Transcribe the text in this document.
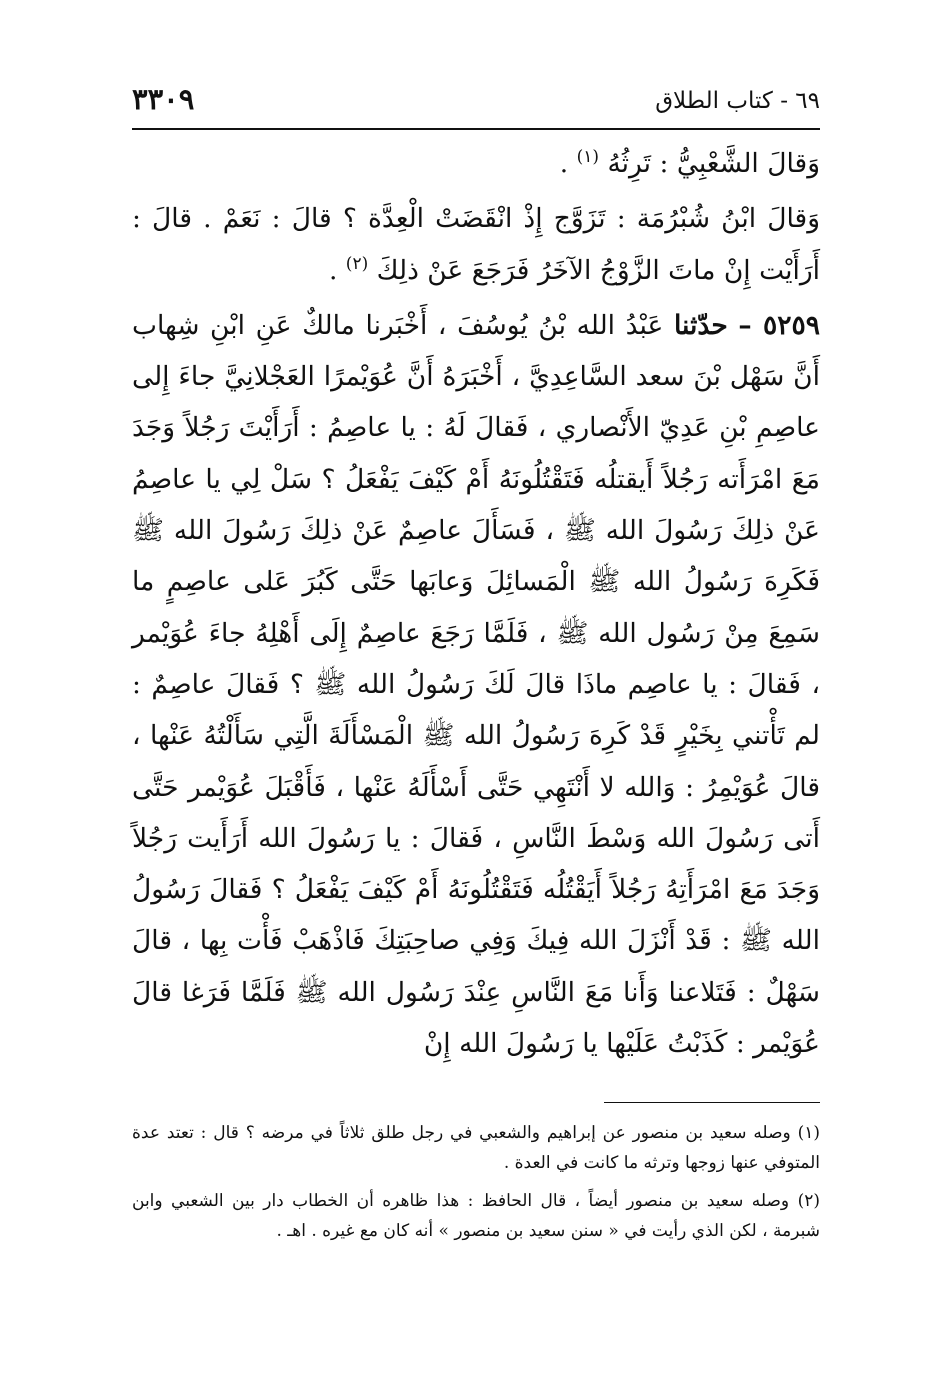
٦٩ - كتاب الطلاق
٣٣٠٩

وَقالَ الشَّعْبِيُّ : تَرِثُهُ $^{(١)}$ .

وَقالَ ابْنُ شُبْرُمَة : تَزَوَّج إِذْ انْقَضَتْ الْعِدَّة ؟ قالَ : نَعَمْ . قالَ : أَرَأَيْت إِنْ ماتَ الزَّوْجُ الآخَرُ فَرَجَعَ عَنْ ذلِكَ $^{(٢)}$ .

٥٢٥٩ – حدّثنا عَبْدُ الله بْنُ يُوسُفَ ، أَخْبَرنا مالكٌ عَنِ ابْنِ شِهاب أَنَّ سَهْل بْنَ سعد السَّاعِدِيَّ ، أَخْبَرَهُ أَنَّ عُوَيْمرًا العَجْلانِيَّ جاءَ إِلى عاصِمِ بْنِ عَدِيّ الأَنْصاري ، فَقالَ لَهُ : يا عاصِمُ : أَرَأَيْتَ رَجُلاً وَجَدَ مَعَ امْرَأَته رَجُلاً أَيقتلُه فَتَقْتُلُونَهُ أَمْ كَيْفَ يَفْعَلُ ؟ سَلْ لِي يا عاصِمُ عَنْ ذلِكَ رَسُولَ الله ﷺ ، فَسَأَلَ عاصِمٌ عَنْ ذلِكَ رَسُولَ الله ﷺ فَكَرِهَ رَسُولُ الله ﷺ الْمَسائِلَ وَعابَها حَتَّى كَبُرَ عَلى عاصِمٍ ما سَمِعَ مِنْ رَسُول الله ﷺ ، فَلَمَّا رَجَعَ عاصِمٌ إِلَى أَهْلِهُ جاءَ عُوَيْمر ، فَقالَ : يا عاصِم ماذَا قالَ لَكَ رَسُولُ الله ﷺ ؟ فَقالَ عاصِمٌ : لم تَأْتني بِخَيْرٍ قَدْ كَرِهَ رَسُولُ الله ﷺ الْمَسْأَلَةَ الَّتِي سَأَلْتُهُ عَنْها ، قالَ عُوَيْمِرُ : وَالله لا أَنْتَهِي حَتَّى أَسْأَلَهُ عَنْها ، فَأَقْبَلَ عُوَيْمر حَتَّى أَتى رَسُولَ الله وَسْطَ النَّاسِ ، فَقالَ : يا رَسُولَ الله أَرَأَيت رَجُلاً وَجَدَ مَعَ امْرَأَتِهُ رَجُلاً أَيَقْتُلُه فَتَقْتُلُونَهُ أَمْ كَيْفَ يَفْعَلُ ؟ فَقالَ رَسُولُ الله ﷺ : قَدْ أَنْزَلَ الله فِيكَ وَفِي صاحِبَتِكَ فَاذْهَبْ فَأْت بِها ، قالَ سَهْلٌ : فَتَلاعنا وَأَنا مَعَ النَّاسِ عِنْدَ رَسُول الله ﷺ فَلَمَّا فَرَغا قالَ عُوَيْمر : كَذَبْتُ عَلَيْها يا رَسُولَ الله إِنْ

(١) وصله سعيد بن منصور عن إبراهيم والشعبي في رجل طلق ثلاثاً في مرضه ؟ قال : تعتد عدة المتوفي عنها زوجها وترثه ما كانت في العدة .

(٢) وصله سعيد بن منصور أيضاً ، قال الحافظ : هذا ظاهره أن الخطاب دار بين الشعبي وابن شبرمة ، لكن الذي رأيت في « سنن سعيد بن منصور » أنه كان مع غيره . اهـ .
